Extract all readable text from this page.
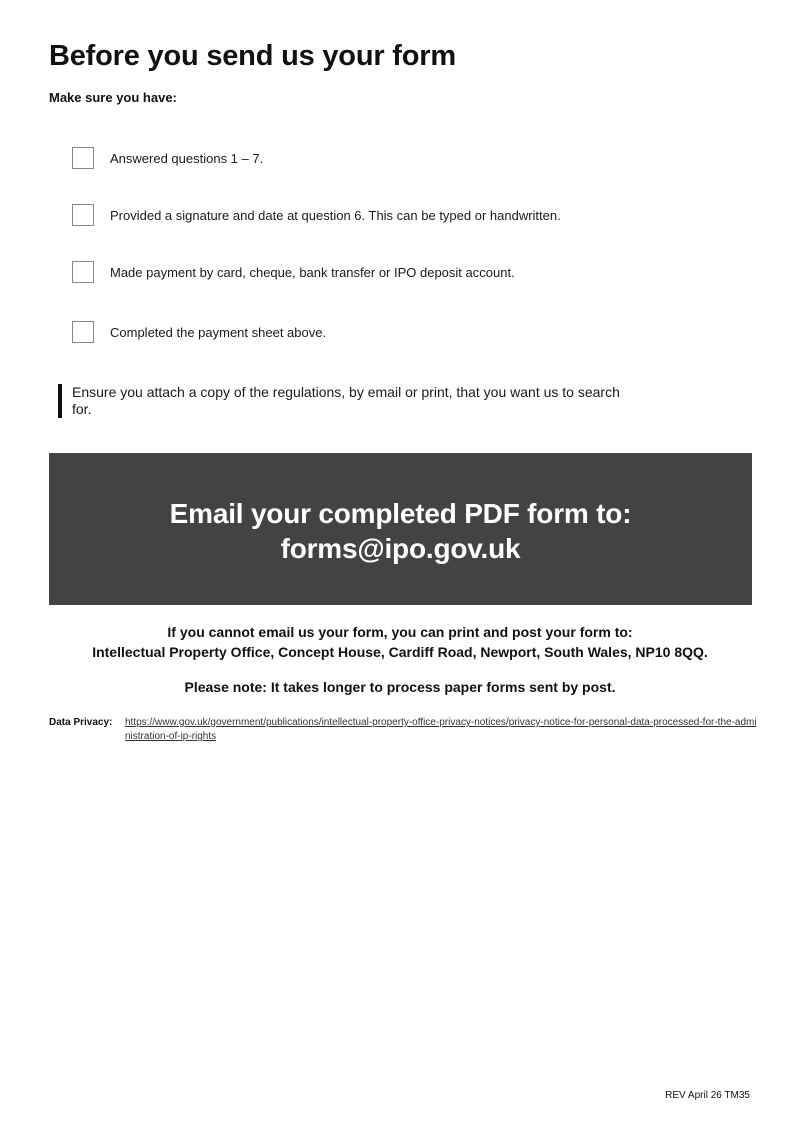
Before you send us your form

Make sure you have:

Answered questions 1 – 7.
Provided a signature and date at question 6. This can be typed or handwritten.
Made payment by card, cheque, bank transfer or IPO deposit account.
Completed the payment sheet above.
Ensure you attach a copy of the regulations, by email or print, that you want us to search for.
Email your completed PDF form to:
forms@ipo.gov.uk
If you cannot email us your form, you can print and post your form to:
Intellectual Property Office, Concept House, Cardiff Road, Newport, South Wales, NP10 8QQ.
Please note: It takes longer to process paper forms sent by post.
Data Privacy:	https://www.gov.uk/government/publications/intellectual-property-office-privacy-notices/privacy-notice-for-personal-data-processed-for-the-administration-of-ip-rights
REV April 26 TM35
